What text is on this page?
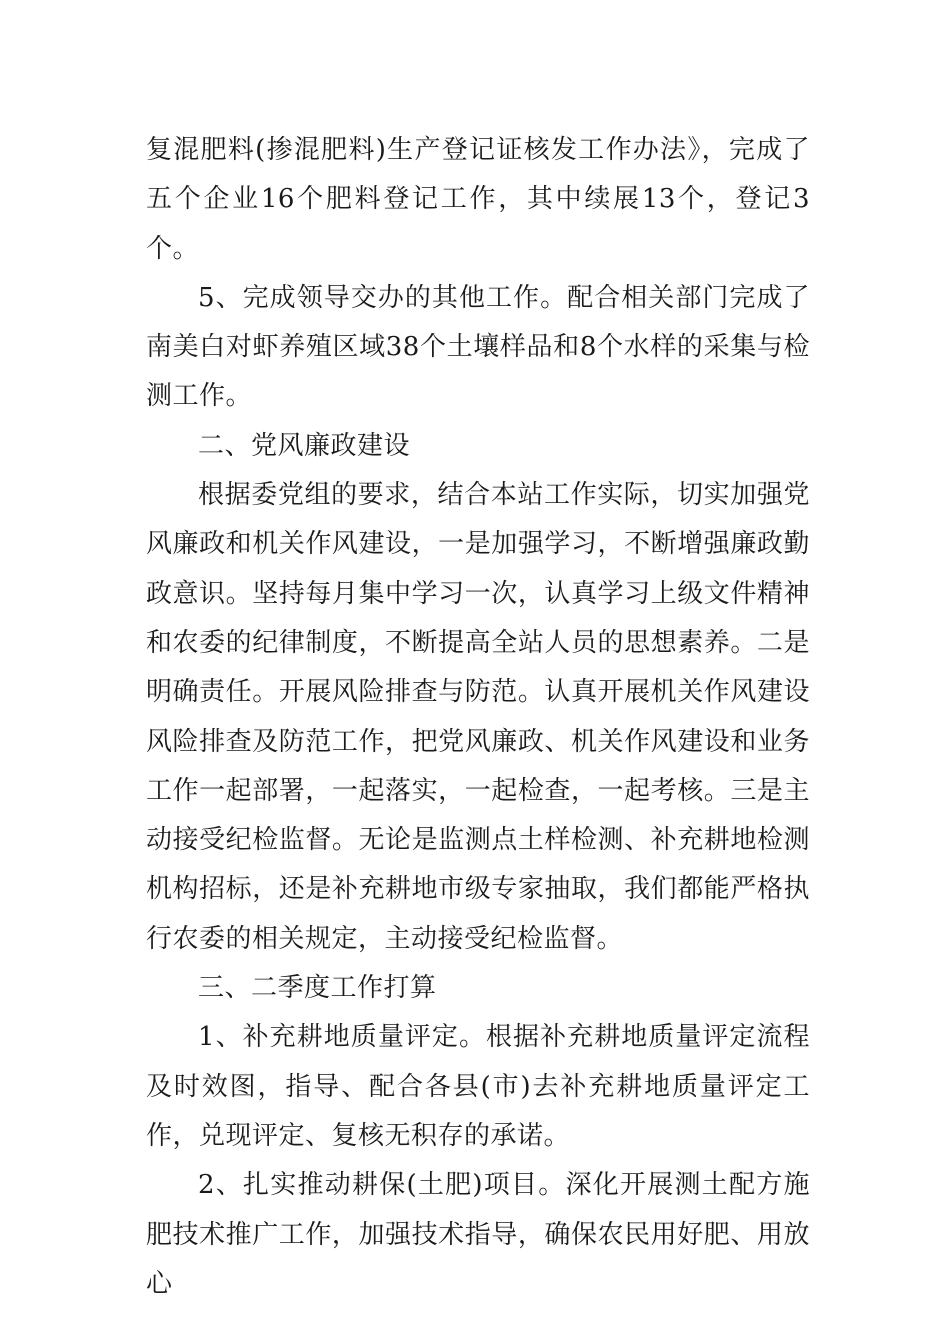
复混肥料(掺混肥料)生产登记证核发工作办法》，完成了五个企业16个肥料登记工作，其中续展13个，登记3个。

5、完成领导交办的其他工作。配合相关部门完成了南美白对虾养殖区域38个土壤样品和8个水样的采集与检测工作。

二、党风廉政建设

根据委党组的要求，结合本站工作实际，切实加强党风廉政和机关作风建设，一是加强学习，不断增强廉政勤政意识。坚持每月集中学习一次，认真学习上级文件精神和农委的纪律制度，不断提高全站人员的思想素养。二是明确责任。开展风险排查与防范。认真开展机关作风建设风险排查及防范工作，把党风廉政、机关作风建设和业务工作一起部署，一起落实，一起检查，一起考核。三是主动接受纪检监督。无论是监测点土样检测、补充耕地检测机构招标，还是补充耕地市级专家抽取，我们都能严格执行农委的相关规定，主动接受纪检监督。

三、二季度工作打算

1、补充耕地质量评定。根据补充耕地质量评定流程及时效图，指导、配合各县(市)去补充耕地质量评定工作，兑现评定、复核无积存的承诺。

2、扎实推动耕保(土肥)项目。深化开展测土配方施肥技术推广工作，加强技术指导，确保农民用好肥、用放心
